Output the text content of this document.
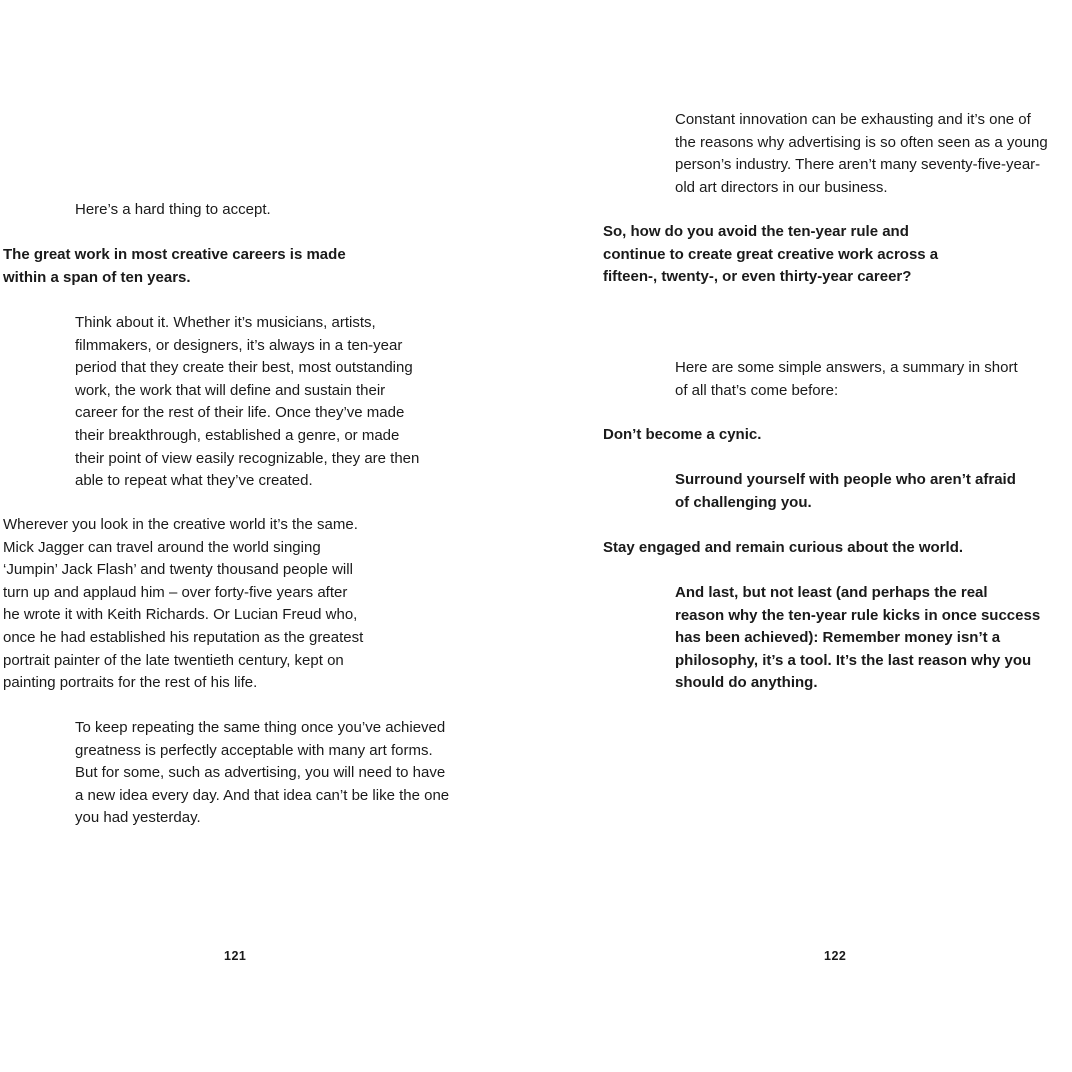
Here’s a hard thing to accept.

The great work in most creative careers is made
within a span of ten years.

Think about it. Whether it’s musicians, artists,
filmmakers, or designers, it’s always in a ten-year
period that they create their best, most outstanding
work, the work that will define and sustain their
career for the rest of their life. Once they’ve made
their breakthrough, established a genre, or made
their point of view easily recognizable, they are then
able to repeat what they’ve created.

Wherever you look in the creative world it’s the same.
Mick Jagger can travel around the world singing
‘Jumpin’ Jack Flash’ and twenty thousand people will
turn up and applaud him – over forty-five years after
he wrote it with Keith Richards. Or Lucian Freud who,
once he had established his reputation as the greatest
portrait painter of the late twentieth century, kept on
painting portraits for the rest of his life.

To keep repeating the same thing once you’ve achieved
greatness is perfectly acceptable with many art forms.
But for some, such as advertising, you will need to have
a new idea every day. And that idea can’t be like the one
you had yesterday.

121

Constant innovation can be exhausting and it’s one of
the reasons why advertising is so often seen as a young
person’s industry. There aren’t many seventy-five-year-
old art directors in our business.

So, how do you avoid the ten-year rule and
continue to create great creative work across a
fifteen-, twenty-, or even thirty-year career?

Here are some simple answers, a summary in short
of all that’s come before:

Don’t become a cynic.

Surround yourself with people who aren’t afraid
of challenging you.

Stay engaged and remain curious about the world.

And last, but not least (and perhaps the real
reason why the ten-year rule kicks in once success
has been achieved): Remember money isn’t a
philosophy, it’s a tool. It’s the last reason why you
should do anything.

122
